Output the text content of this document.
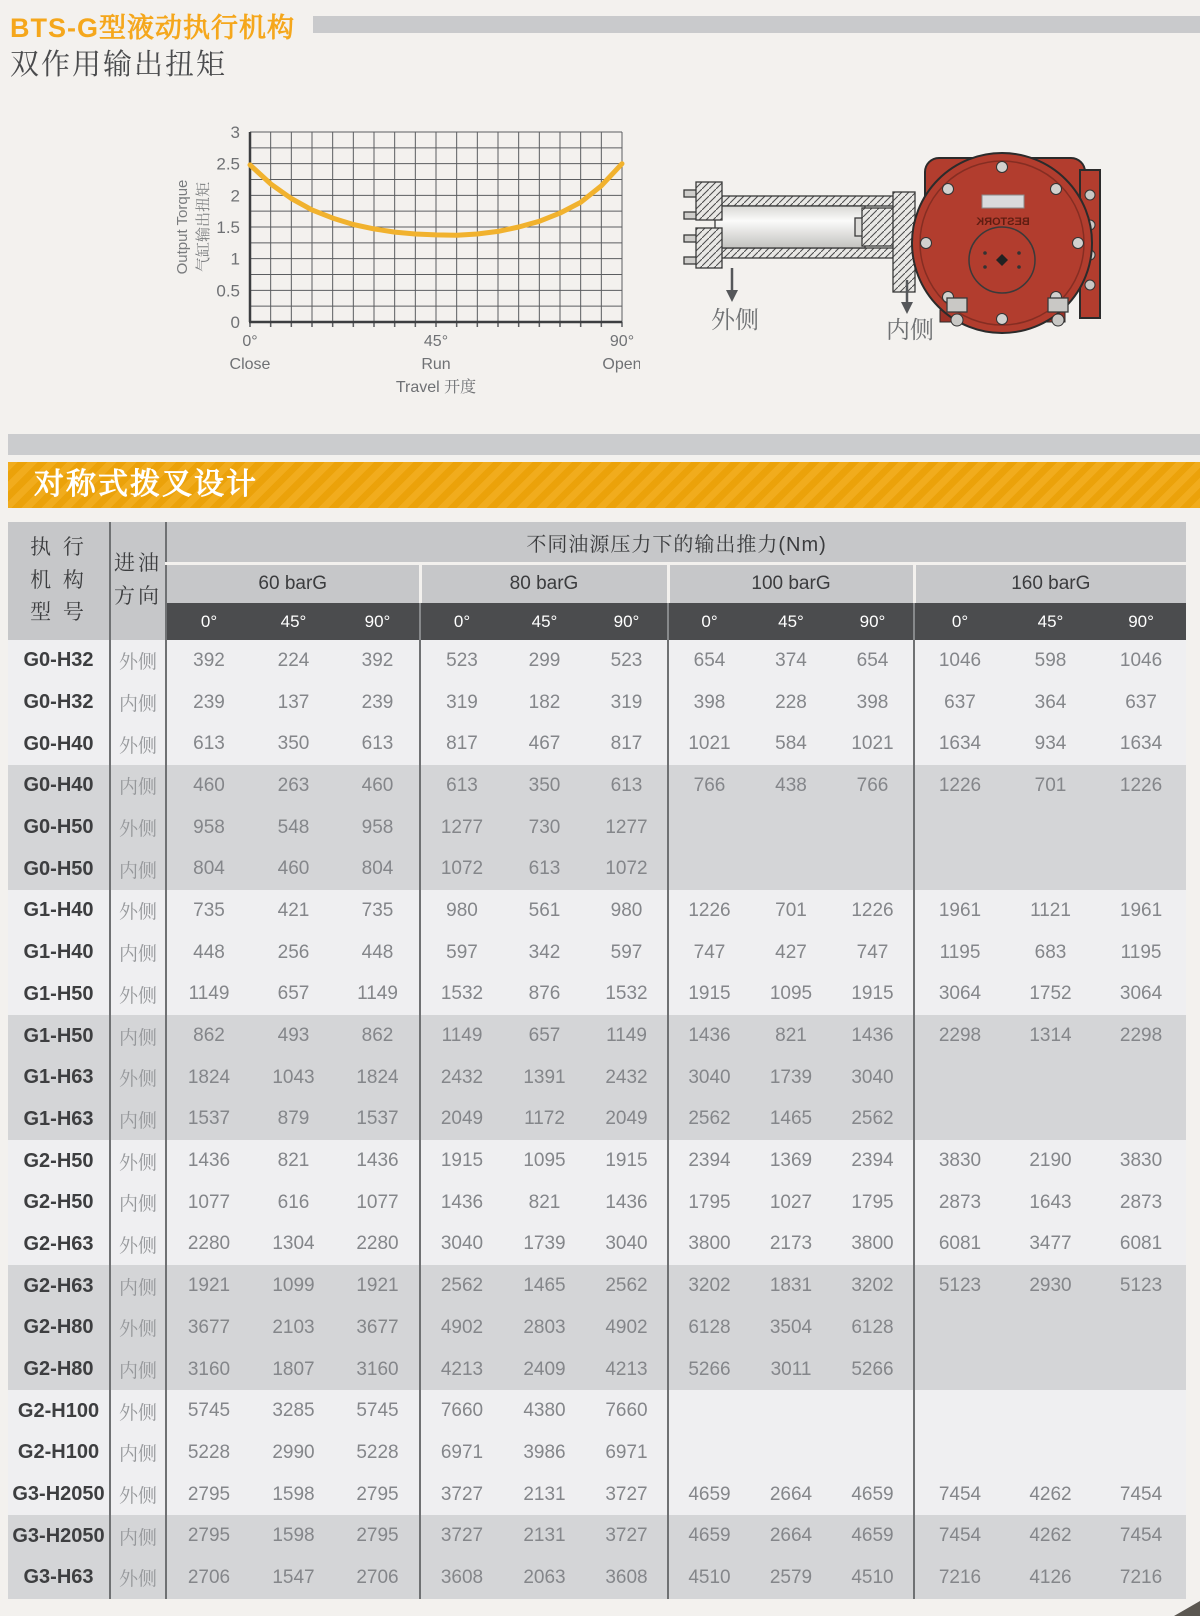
BTS-G型液动执行机构
双作用输出扭矩
0
0.5
1
1.5
2
2.5
3
0°
Close
45°
Run
90°
Open
Travel 开度
Output Torque 气缸输出扭矩	BESTORK
外侧	内侧
对称式拨叉设计
执 行
机 构
型 号

进油
方向
	不同油源压力下的输出推力(Nm)
		60 barG			80 barG			100 barG			160 barG		
		0°	45°	90°	0°	45°	90°	0°	45°	90°	0°	45°	90°
G0-H32	外侧	392	224	392	523	299	523	654	374	654	1046	598	1046
G0-H32	内侧	239	137	239	319	182	319	398	228	398	637	364	637
G0-H40	外侧	613	350	613	817	467	817	1021	584	1021	1634	934	1634
G0-H40	内侧	460	263	460	613	350	613	766	438	766	1226	701	1226
G0-H50	外侧	958	548	958	1277	730	1277						
G0-H50	内侧	804	460	804	1072	613	1072						
G1-H40	外侧	735	421	735	980	561	980	1226	701	1226	1961	1121	1961
G1-H40	内侧	448	256	448	597	342	597	747	427	747	1195	683	1195
G1-H50	外侧	1149	657	1149	1532	876	1532	1915	1095	1915	3064	1752	3064
G1-H50	内侧	862	493	862	1149	657	1149	1436	821	1436	2298	1314	2298
G1-H63	外侧	1824	1043	1824	2432	1391	2432	3040	1739	3040			
G1-H63	内侧	1537	879	1537	2049	1172	2049	2562	1465	2562			
G2-H50	外侧	1436	821	1436	1915	1095	1915	2394	1369	2394	3830	2190	3830
G2-H50	内侧	1077	616	1077	1436	821	1436	1795	1027	1795	2873	1643	2873
G2-H63	外侧	2280	1304	2280	3040	1739	3040	3800	2173	3800	6081	3477	6081
G2-H63	内侧	1921	1099	1921	2562	1465	2562	3202	1831	3202	5123	2930	5123
G2-H80	外侧	3677	2103	3677	4902	2803	4902	6128	3504	6128			
G2-H80	内侧	3160	1807	3160	4213	2409	4213	5266	3011	5266			
G2-H100	外侧	5745	3285	5745	7660	4380	7660						
G2-H100	内侧	5228	2990	5228	6971	3986	6971						
G3-H2050	外侧	2795	1598	2795	3727	2131	3727	4659	2664	4659	7454	4262	7454
G3-H2050	内侧	2795	1598	2795	3727	2131	3727	4659	2664	4659	7454	4262	7454
G3-H63	外侧	2706	1547	2706	3608	2063	3608	4510	2579	4510	7216	4126	7216
